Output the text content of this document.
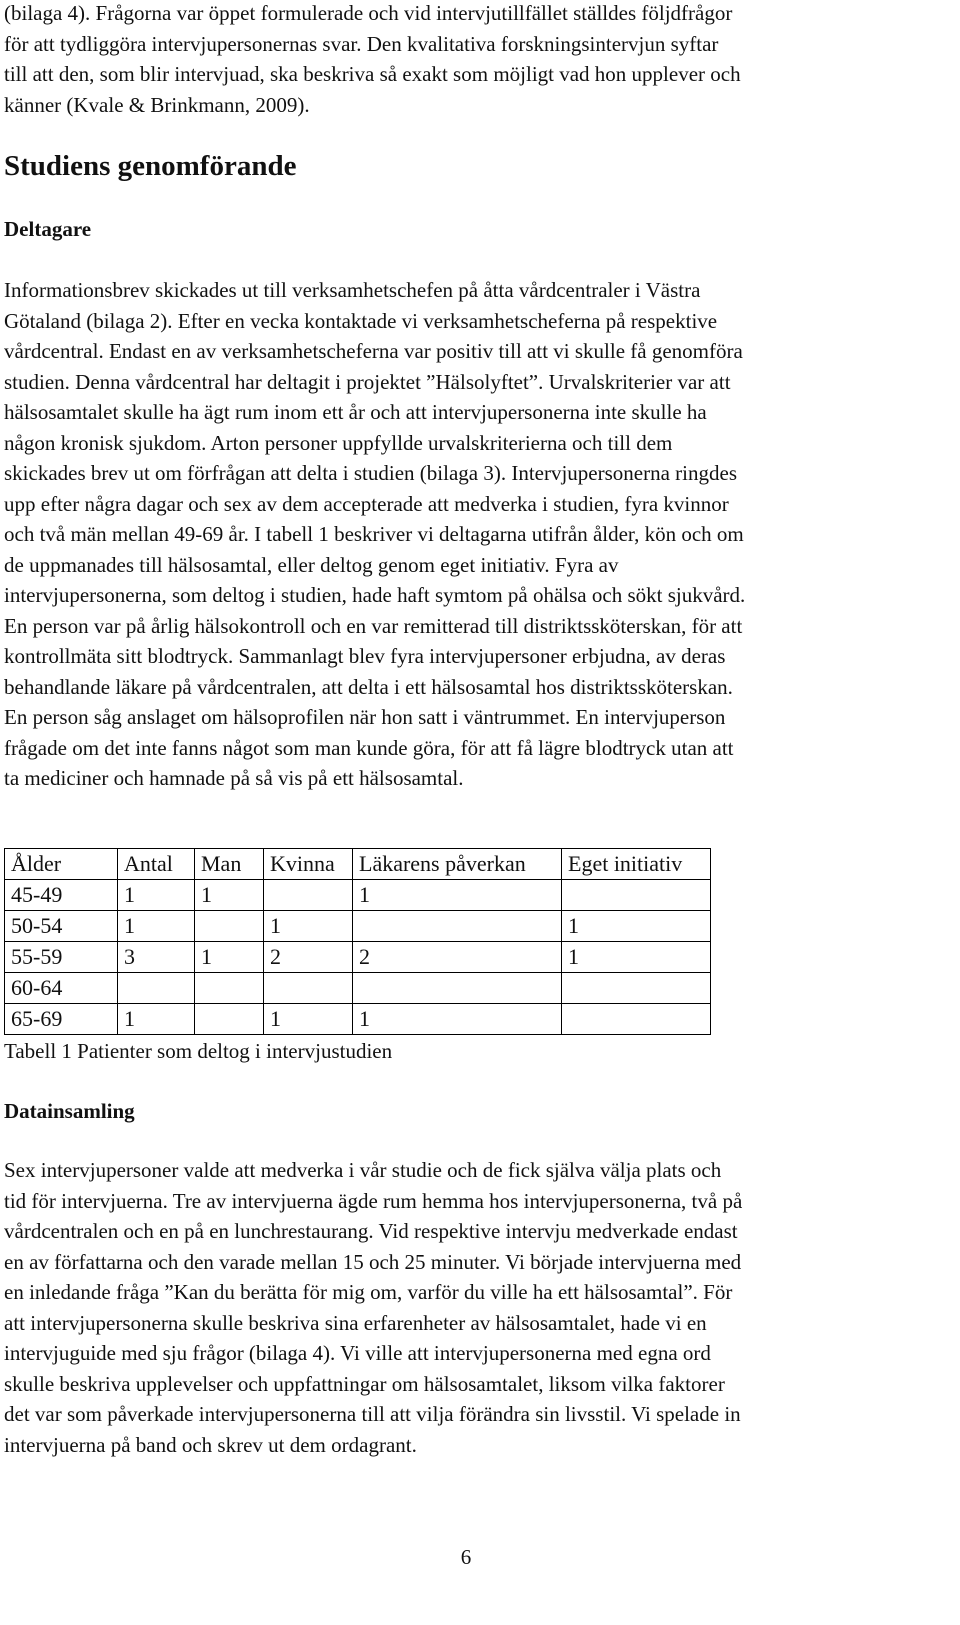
(bilaga 4). Frågorna var öppet formulerade och vid intervjutillfället ställdes följdfrågor
för att tydliggöra intervjupersonernas svar. Den kvalitativa forskningsintervjun syftar
till att den, som blir intervjuad, ska beskriva så exakt som möjligt vad hon upplever och
känner (Kvale & Brinkmann, 2009).
Studiens genomförande
Deltagare
Informationsbrev skickades ut till verksamhetschefen på åtta vårdcentraler i Västra
Götaland (bilaga 2). Efter en vecka kontaktade vi verksamhetscheferna på respektive
vårdcentral. Endast en av verksamhetscheferna var positiv till att vi skulle få genomföra
studien. Denna vårdcentral har deltagit i projektet ”Hälsolyftet”. Urvalskriterier var att
hälsosamtalet skulle ha ägt rum inom ett år och att intervjupersonerna inte skulle ha
någon kronisk sjukdom. Arton personer uppfyllde urvalskriterierna och till dem
skickades brev ut om förfrågan att delta i studien (bilaga 3). Intervjupersonerna ringdes
upp efter några dagar och sex av dem accepterade att medverka i studien, fyra kvinnor
och två män mellan 49-69 år. I tabell 1 beskriver vi deltagarna utifrån ålder, kön och om
de uppmanades till hälsosamtal, eller deltog genom eget initiativ. Fyra av
intervjupersonerna, som deltog i studien, hade haft symtom på ohälsa och sökt sjukvård.
En person var på årlig hälsokontroll och en var remitterad till distriktssköterskan, för att
kontrollmäta sitt blodtryck. Sammanlagt blev fyra intervjupersoner erbjudna, av deras
behandlande läkare på vårdcentralen, att delta i ett hälsosamtal hos distriktssköterskan.
En person såg anslaget om hälsoprofilen när hon satt i väntrummet. En intervjuperson
frågade om det inte fanns något som man kunde göra, för att få lägre blodtryck utan att
ta mediciner och hamnade på så vis på ett hälsosamtal.
Ålder	Antal	Man	Kvinna	Läkarens påverkan	Eget initiativ
45-49	1	1		1	
50-54	1		1		1
55-59	3	1	2	2	1
60-64					
65-69	1		1	1	

Tabell 1 Patienter som deltog i intervjustudien

Datainsamling
Sex intervjupersoner valde att medverka i vår studie och de fick själva välja plats och
tid för intervjuerna. Tre av intervjuerna ägde rum hemma hos intervjupersonerna, två på
vårdcentralen och en på en lunchrestaurang. Vid respektive intervju medverkade endast
en av författarna och den varade mellan 15 och 25 minuter. Vi började intervjuerna med
en inledande fråga ”Kan du berätta för mig om, varför du ville ha ett hälsosamtal”. För
att intervjupersonerna skulle beskriva sina erfarenheter av hälsosamtalet, hade vi en
intervjuguide med sju frågor (bilaga 4). Vi ville att intervjupersonerna med egna ord
skulle beskriva upplevelser och uppfattningar om hälsosamtalet, liksom vilka faktorer
det var som påverkade intervjupersonerna till att vilja förändra sin livsstil. Vi spelade in
intervjuerna på band och skrev ut dem ordagrant.
6
